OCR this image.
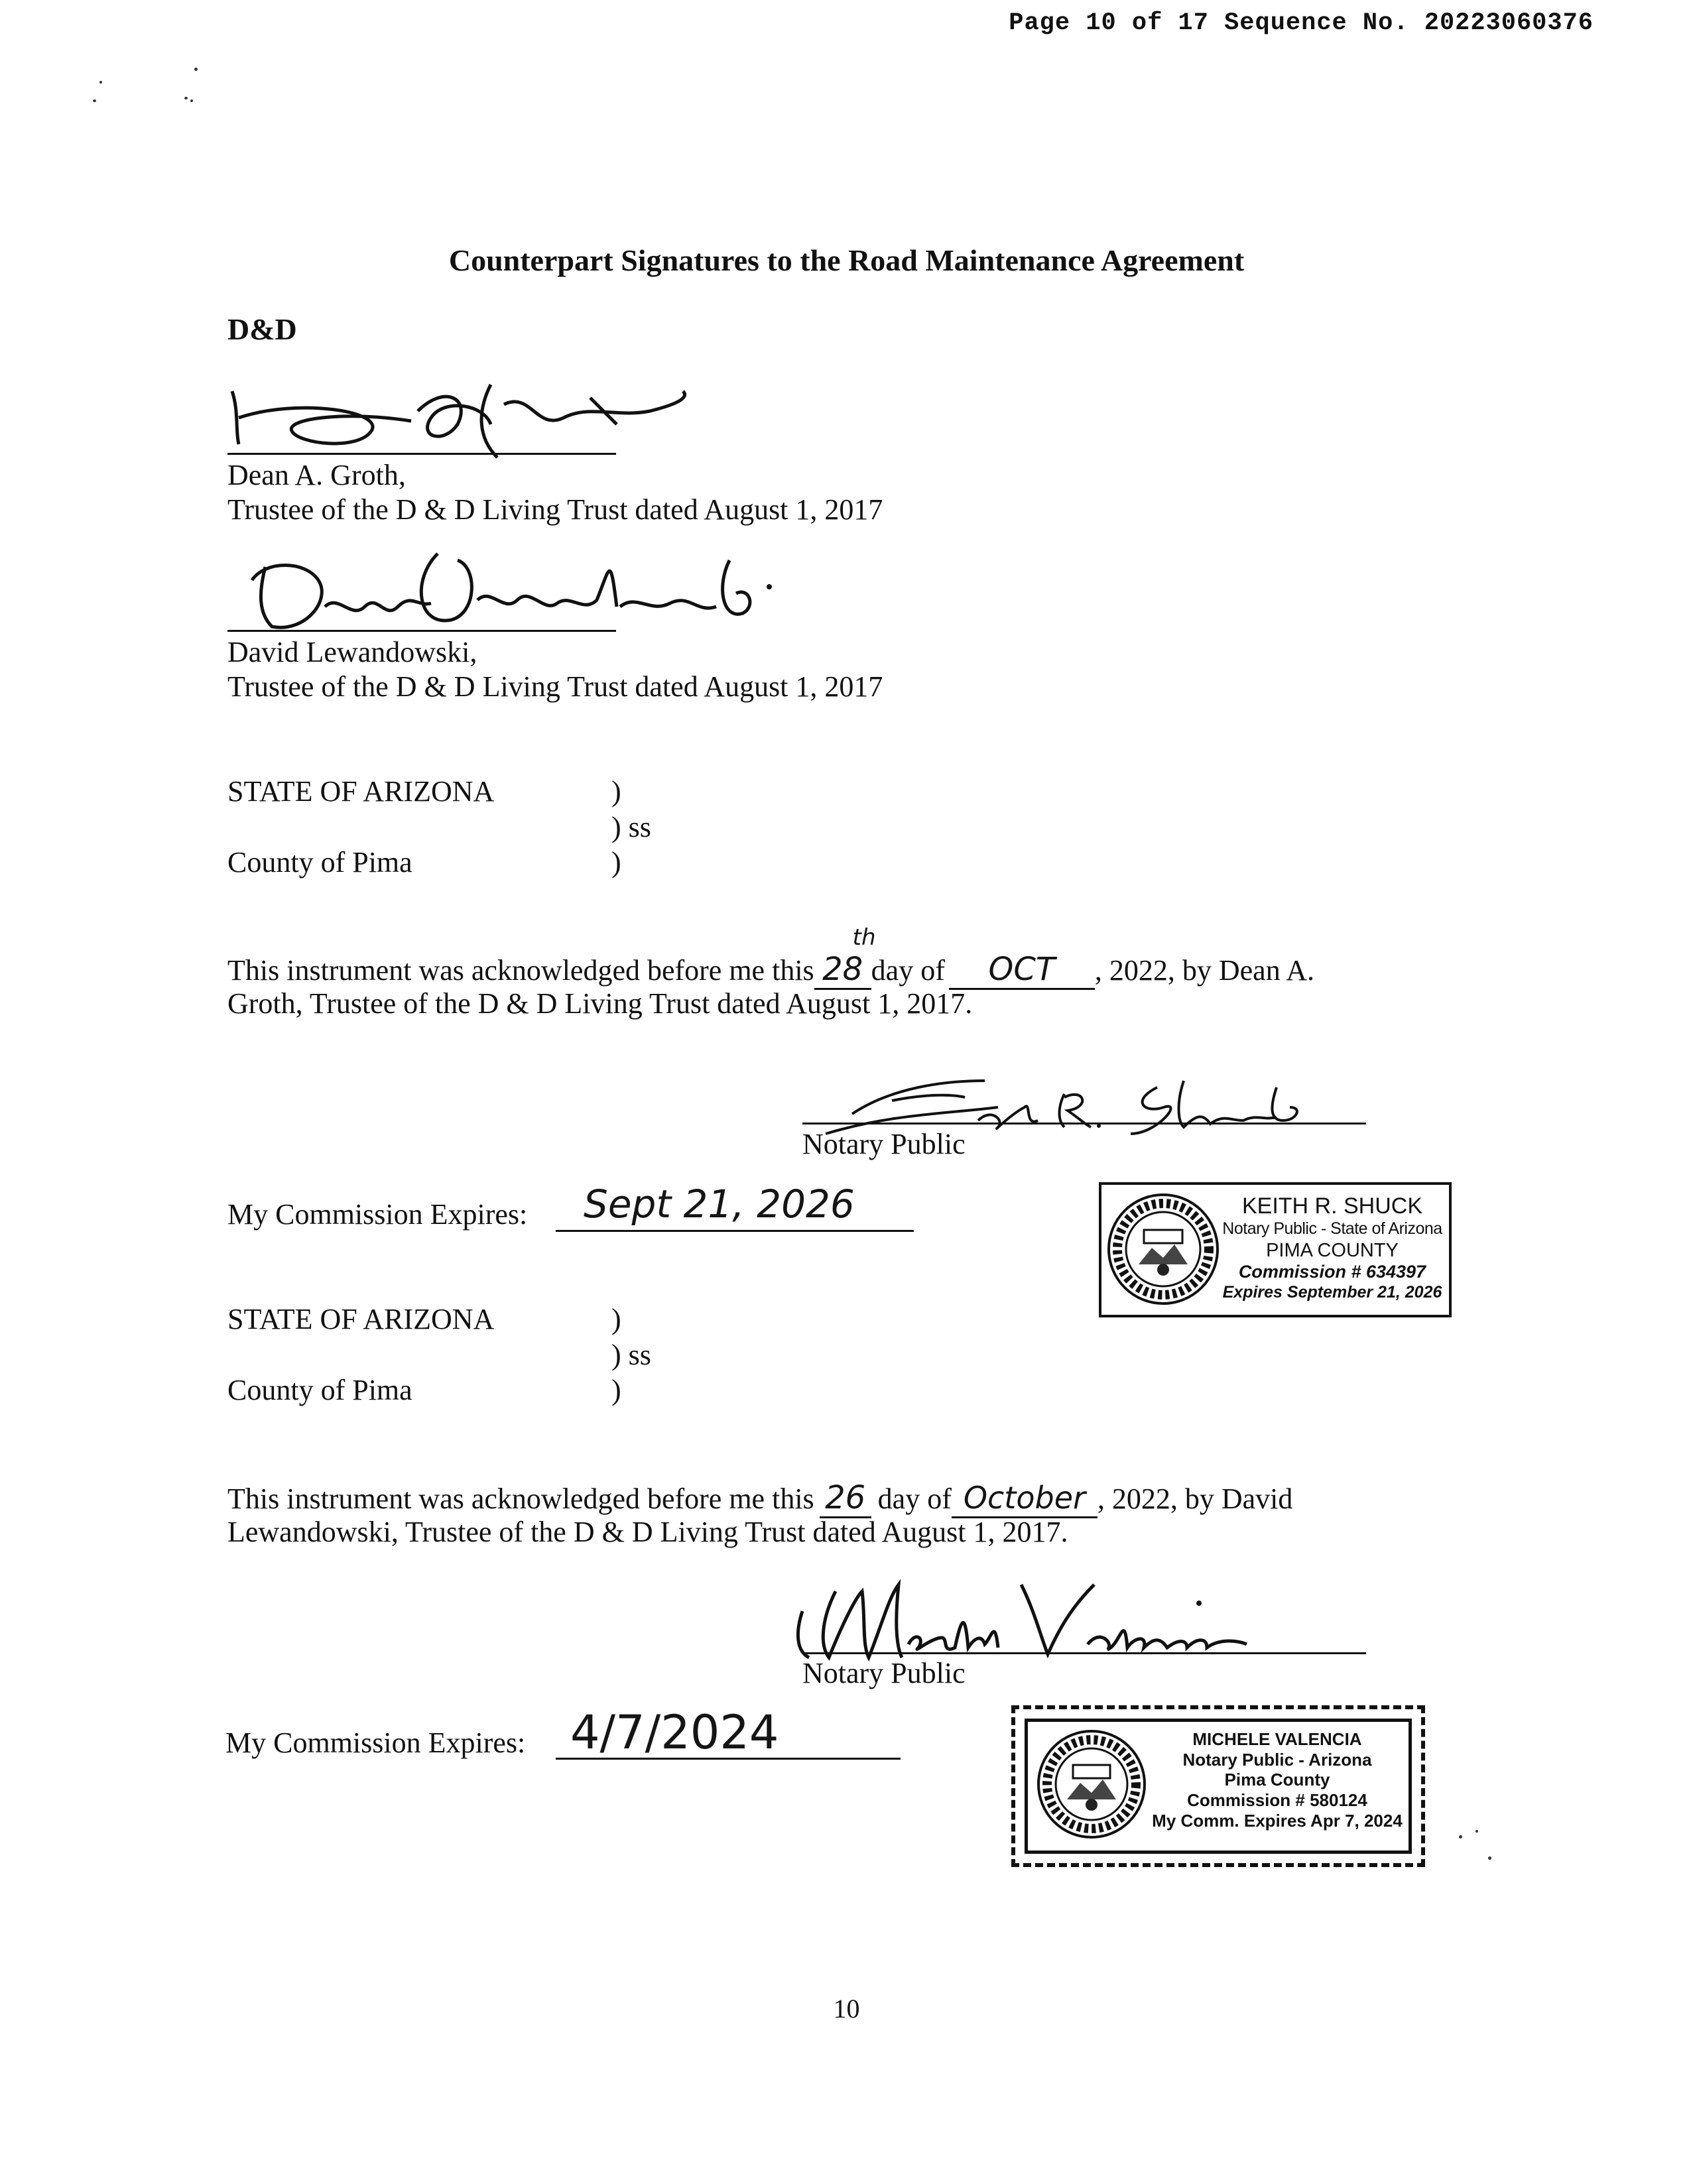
Page 10 of 17 Sequence No. 20223060376
Counterpart Signatures to the Road Maintenance Agreement
D&D
Dean A. Groth,
Trustee of the D & D Living Trust dated August 1, 2017
David Lewandowski,
Trustee of the D & D Living Trust dated August 1, 2017
STATE OF ARIZONA	)
) ss
County of Pima	)
This instrument was acknowledged before me this 28
th
day of OCT , 2022, by Dean A.
Groth, Trustee of the D & D Living Trust dated August 1, 2017.
Notary Public
My Commission Expires: Sept 21, 2026	KEITH R. SHUCK
Notary Public - State of Arizona
PIMA COUNTY
Commission # 634397
Expires September 21, 2026
STATE OF ARIZONA	)
) ss
County of Pima	)
This instrument was acknowledged before me this 26 day of October , 2022, by David
Lewandowski, Trustee of the D & D Living Trust dated August 1, 2017.
Notary Public
My Commission Expires: 4/7/2024	MICHELE VALENCIA
Notary Public - Arizona
Pima County
Commission # 580124
My Comm. Expires Apr 7, 2024
10
